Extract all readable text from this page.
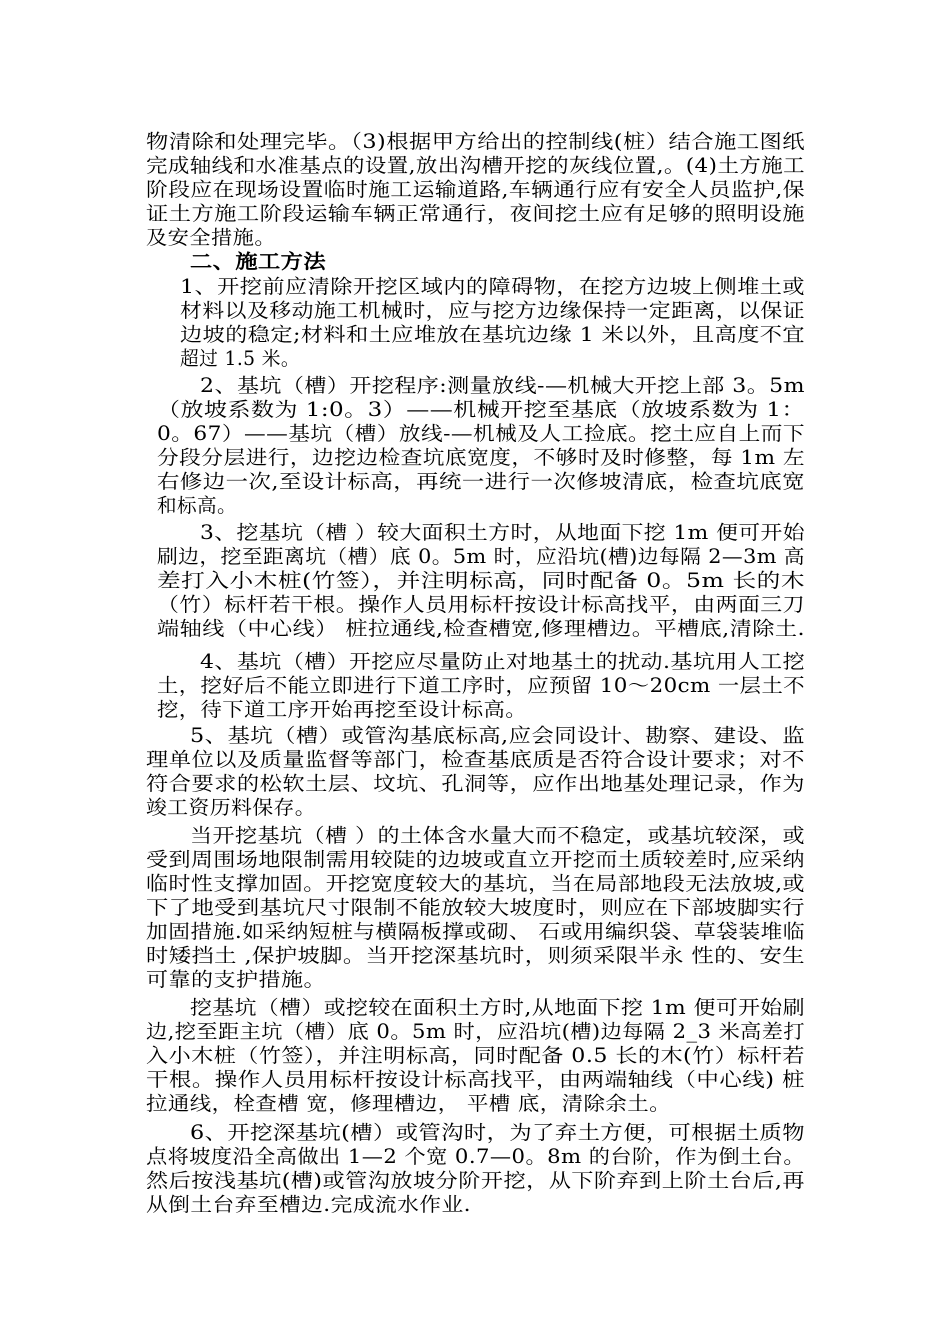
物清除和处理完毕。（3)根据甲方给出的控制线(桩）结合施工图纸
完成轴线和水准基点的设置,放出沟槽开挖的灰线位置,。(4)土方施工
阶段应在现场设置临时施工运输道路,车辆通行应有安全人员监护,保
证土方施工阶段运输车辆正常通行，夜间挖土应有足够的照明设施
及安全措施。
二、施工方法
1、开挖前应清除开挖区域内的障碍物，在挖方边坡上侧堆土或
材料以及移动施工机械时，应与挖方边缘保持一定距离，以保证
边坡的稳定;材料和土应堆放在基坑边缘 1 米以外，且高度不宜
超过 1.5 米。
2、基坑（槽）开挖程序:测量放线-—机械大开挖上部 3。5m
（放坡系数为 1:0。3）——机械开挖至基底（放坡系数为 1：
0。67）——基坑（槽）放线-—机械及人工捡底。挖土应自上而下
分段分层进行，边挖边检查坑底宽度，不够时及时修整，每 1m 左
右修边一次,至设计标高，再统一进行一次修坡清底，检查坑底宽
和标高。
3、挖基坑（槽 ）较大面积土方时，从地面下挖 1m 便可开始
刷边，挖至距离坑（槽）底 0。5m 时，应沿坑(槽)边每隔 2—3m 高
差打入小木桩(竹签），并注明标高，同时配备 0。5m 长的木
（竹）标杆若干根。操作人员用标杆按设计标高找平，由两面三刀
端轴线（中心线） 桩拉通线,检查槽宽,修理槽边。平槽底,清除土.
4、基坑（槽）开挖应尽量防止对地基土的扰动.基坑用人工挖
土，挖好后不能立即进行下道工序时，应预留 10～20cm 一层土不
挖，待下道工序开始再挖至设计标高。
5、基坑（槽）或管沟基底标高,应会同设计、勘察、建设、监
理单位以及质量监督等部门，检查基底质是否符合设计要求；对不
符合要求的松软土层、坟坑、孔洞等，应作出地基处理记录，作为
竣工资历料保存。
当开挖基坑（槽 ）的土体含水量大而不稳定，或基坑较深，或
受到周围场地限制需用较陡的边坡或直立开挖而土质较差时,应采纳
临时性支撑加固。开挖宽度较大的基坑，当在局部地段无法放坡,或
下了地受到基坑尺寸限制不能放较大坡度时，则应在下部坡脚实行
加固措施.如采纳短桩与横隔板撑或砌、 石或用编织袋、草袋装堆临
时矮挡土 ,保护坡脚。当开挖深基坑时，则须采限半永 性的、安生
可靠的支护措施。
挖基坑（槽）或挖较在面积土方时,从地面下挖 1m 便可开始刷
边,挖至距主坑（槽）底 0。5m 时，应沿坑(槽)边每隔 2_3 米高差打
入小木桩（竹签），并注明标高，同时配备 0.5 长的木(竹）标杆若
干根。操作人员用标杆按设计标高找平，由两端轴线（中心线) 桩
拉通线，栓查槽 宽，修理槽边， 平槽 底，清除余土。
6、开挖深基坑(槽）或管沟时，为了弃土方便，可根据土质物
点将坡度沿全高做出 1—2 个宽 0.7—0。8m 的台阶，作为倒土台。
然后按浅基坑(槽)或管沟放坡分阶开挖，从下阶弃到上阶土台后,再
从倒土台弃至槽边.完成流水作业.
